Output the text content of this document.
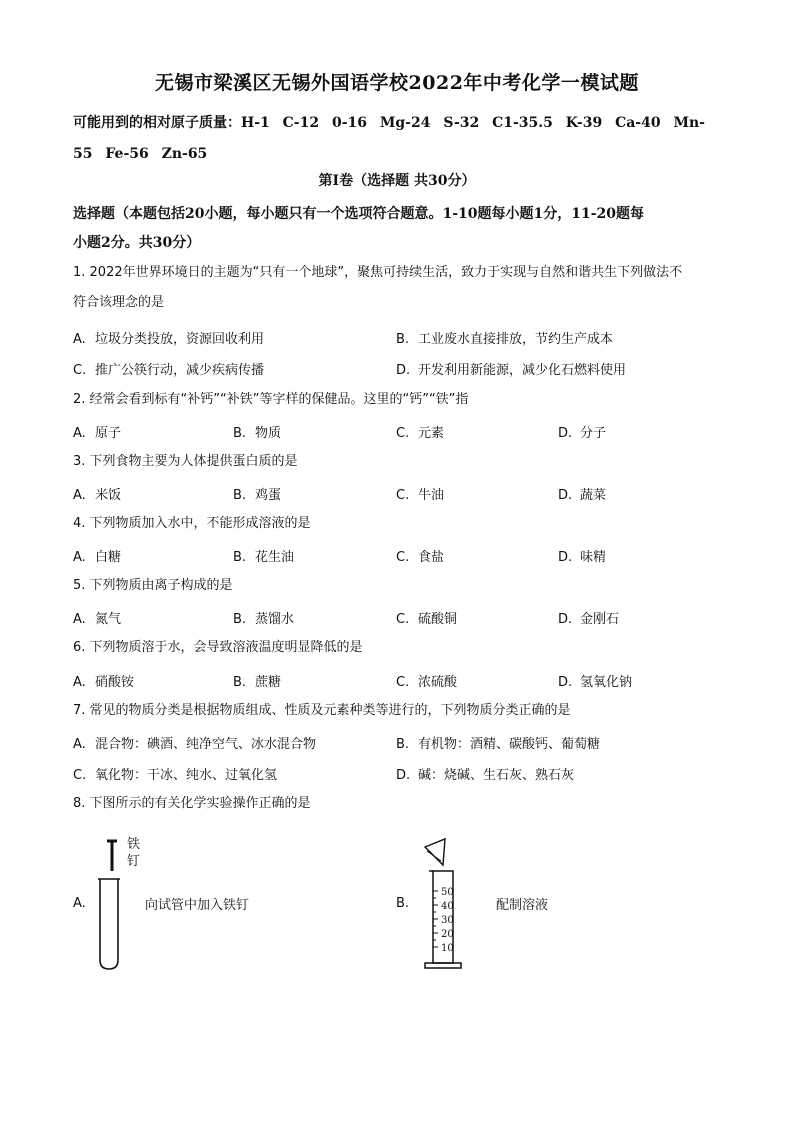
无锡市梁溪区无锡外国语学校2022年中考化学一模试题
可能用到的相对原子质量：H-1 C-12 0-16 Mg-24 S-32 C1-35.5 K-39 Ca-40 Mn-
55 Fe-56 Zn-65
第I卷（选择题 共30分）
选择题（本题包括20小题，每小题只有一个选项符合题意。1-10题每小题1分，11-20题每
小题2分。共30分）
1. 2022年世界环境日的主题为“只有一个地球”，聚焦可持续生活，致力于实现与自然和谐共生下列做法不
符合该理念的是
A. 垃圾分类投放，资源回收利用	B. 工业废水直接排放，节约生产成本
C. 推广公筷行动，减少疾病传播	D. 开发利用新能源，减少化石燃料使用
2. 经常会看到标有“补钙”“补铁”等字样的保健品。这里的“钙”“铁”指
A. 原子	B. 物质	C. 元素	D. 分子
3. 下列食物主要为人体提供蛋白质的是
A. 米饭	B. 鸡蛋	C. 牛油	D. 蔬菜
4. 下列物质加入水中，不能形成溶液的是
A. 白糖	B. 花生油	C. 食盐	D. 味精
5. 下列物质由离子构成的是
A. 氮气	B. 蒸馏水	C. 硫酸铜	D. 金刚石
6. 下列物质溶于水，会导致溶液温度明显降低的是
A. 硝酸铵	B. 蔗糖	C. 浓硫酸	D. 氢氧化钠
7. 常见的物质分类是根据物质组成、性质及元素种类等进行的，下列物质分类正确的是
A. 混合物：碘酒、纯净空气、冰水混合物	B. 有机物：酒精、碳酸钙、葡萄糖
C. 氧化物：干冰、纯水、过氧化氢	D. 碱：烧碱、生石灰、熟石灰
8. 下图所示的有关化学实验操作正确的是
A.
铁
钉
向试管中加入铁钉	B.
50
40
30
20
10
配制溶液
